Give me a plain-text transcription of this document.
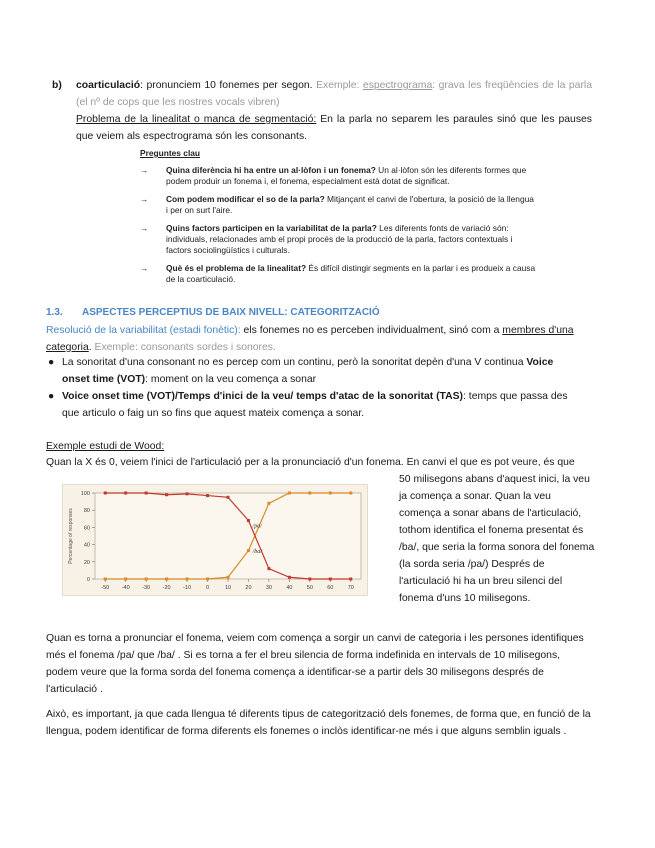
b) coarticulació: pronunciem 10 fonemes per segon. Exemple: espectrograma: grava les freqüències de la parla (el nº de cops que les nostres vocals vibren)
Problema de la linealitat o manca de segmentació: En la parla no separem les paraules sinó que les pauses que veiem als espectrograma són les consonants.
Preguntes clau
→ Quina diferència hi ha entre un al·lòfon i un fonema? Un al·lòfon són les diferents formes que podem produir un fonema i, el fonema, especialment està dotat de significat.
→ Com podem modificar el so de la parla? Mitjançant el canvi de l'obertura, la posició de la llengua i per on surt l'aire.
→ Quins factors participen en la variabilitat de la parla? Les diferents fonts de variació són: individuals, relacionades amb el propi procés de la producció de la parla, factors contextuals i factors sociolingüístics i culturals.
→ Què és el problema de la linealitat? És difícil distingir segments en la parlar i es produeix a causa de la coarticulació.
1.3. ASPECTES PERCEPTIUS DE BAIX NIVELL: CATEGORITZACIÓ
Resolució de la variabilitat (estadi fonètic): els fonemes no es perceben individualment, sinó com a membres d'una categoria. Exemple: consonants sordes i sonores.
● La sonoritat d'una consonant no es percep com un continu, però la sonoritat depèn d'una V continua Voice onset time (VOT): moment on la veu comença a sonar
● Voice onset time (VOT)/Temps d'inici de la veu/ temps d'atac de la sonoritat (TAS): temps que passa des que articulo o faig un so fins que aquest mateix comença a sonar.
Exemple estudi de Wood:
Quan la X és 0, veiem l'inici de l'articulació per a la pronunciació d'un fonema. En canvi el que es pot veure, és que
50 milisegons abans d'aquest inici, la veu ja comença a sonar. Quan la veu comença a sonar abans de l'articulació, tothom identifica el fonema presentat és /ba/, que seria la forma sonora del fonema (la sorda seria /pa/) Després de l'articulació hi ha un breu silenci del fonema d'uns 10 milisegons.
0
20
40
60
80
100
-50 -40 -30 -20 -10	0	10	20	30	40	50	60	70
Percentage of responses	/pa/
/ba/
Quan es torna a pronunciar el fonema, veiem com comença a sorgir un canvi de categoria i les persones identifiques més el fonema /pa/ que /ba/ . Si es torna a fer el breu silencia de forma indefinida en intervals de 10 milisegons, podem veure que la forma sorda del fonema comença a identificar-se a partir dels 30 milisegons després de l'articulació .
Això, es important, ja que cada llengua té diferents tipus de categorització dels fonemes, de forma que, en funció de la llengua, podem identificar de forma diferents els fonemes o inclòs identificar-ne més i que alguns semblin iguals .
